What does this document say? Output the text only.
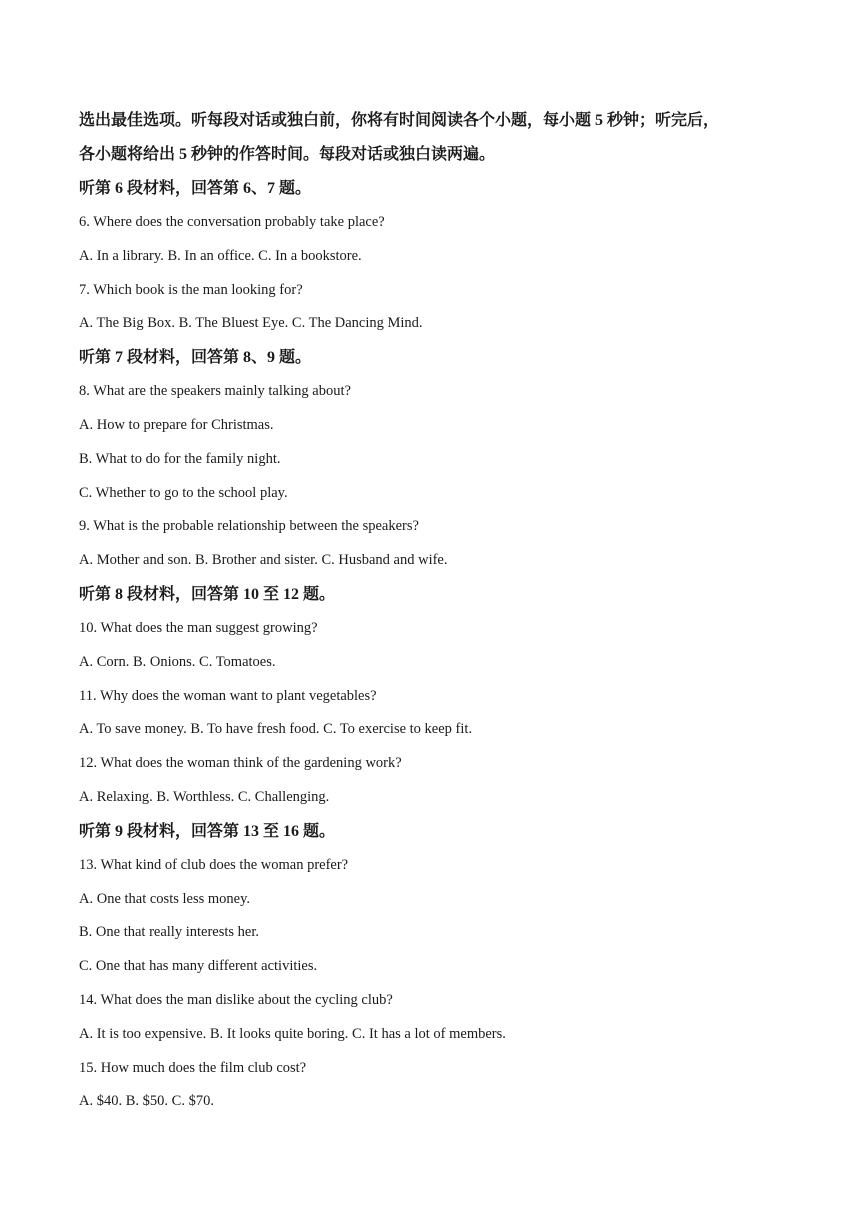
选出最佳选项。听每段对话或独白前，你将有时间阅读各个小题，每小题 5 秒钟；听完后，
各小题将给出 5 秒钟的作答时间。每段对话或独白读两遍。

听第 6 段材料，回答第 6、7 题。

6. Where does the conversation probably take place?

A. In a library. B. In an office. C. In a bookstore.

7. Which book is the man looking for?

A. The Big Box. B. The Bluest Eye. C. The Dancing Mind.

听第 7 段材料，回答第 8、9 题。

8. What are the speakers mainly talking about?

A. How to prepare for Christmas.

B. What to do for the family night.

C. Whether to go to the school play.

9. What is the probable relationship between the speakers?

A. Mother and son. B. Brother and sister. C. Husband and wife.

听第 8 段材料，回答第 10 至 12 题。

10. What does the man suggest growing?

A. Corn. B. Onions. C. Tomatoes.

11. Why does the woman want to plant vegetables?

A. To save money. B. To have fresh food. C. To exercise to keep fit.

12. What does the woman think of the gardening work?

A. Relaxing. B. Worthless. C. Challenging.

听第 9 段材料，回答第 13 至 16 题。

13. What kind of club does the woman prefer?

A. One that costs less money.

B. One that really interests her.

C. One that has many different activities.

14. What does the man dislike about the cycling club?

A. It is too expensive. B. It looks quite boring. C. It has a lot of members.

15. How much does the film club cost?

A. $40. B. $50. C. $70.
